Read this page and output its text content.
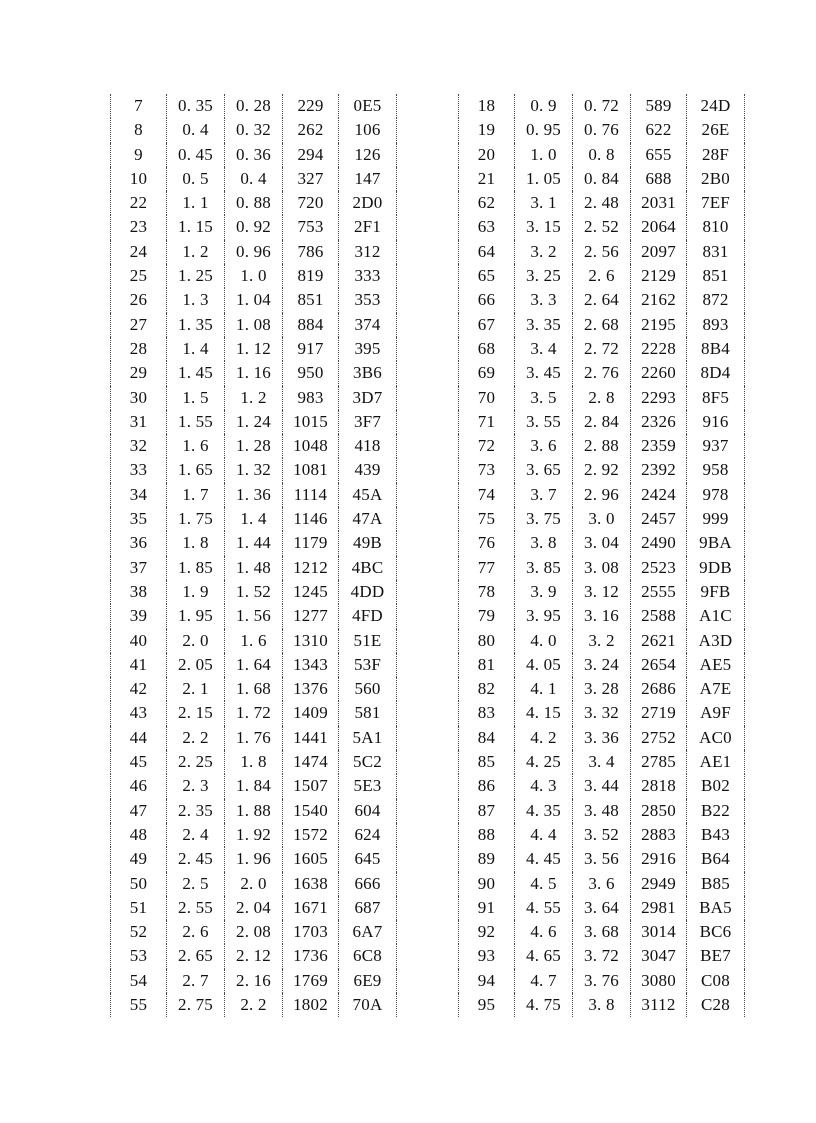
7	0. 35	0. 28	229	0E5
8	0. 4	0. 32	262	106
9	0. 45	0. 36	294	126
10	0. 5	0. 4	327	147
22	1. 1	0. 88	720	2D0
23	1. 15	0. 92	753	2F1
24	1. 2	0. 96	786	312
25	1. 25	1. 0	819	333
26	1. 3	1. 04	851	353
27	1. 35	1. 08	884	374
28	1. 4	1. 12	917	395
29	1. 45	1. 16	950	3B6
30	1. 5	1. 2	983	3D7
31	1. 55	1. 24	1015	3F7
32	1. 6	1. 28	1048	418
33	1. 65	1. 32	1081	439
34	1. 7	1. 36	1114	45A
35	1. 75	1. 4	1146	47A
36	1. 8	1. 44	1179	49B
37	1. 85	1. 48	1212	4BC
38	1. 9	1. 52	1245	4DD
39	1. 95	1. 56	1277	4FD
40	2. 0	1. 6	1310	51E
41	2. 05	1. 64	1343	53F
42	2. 1	1. 68	1376	560
43	2. 15	1. 72	1409	581
44	2. 2	1. 76	1441	5A1
45	2. 25	1. 8	1474	5C2
46	2. 3	1. 84	1507	5E3
47	2. 35	1. 88	1540	604
48	2. 4	1. 92	1572	624
49	2. 45	1. 96	1605	645
50	2. 5	2. 0	1638	666
51	2. 55	2. 04	1671	687
52	2. 6	2. 08	1703	6A7
53	2. 65	2. 12	1736	6C8
54	2. 7	2. 16	1769	6E9
55	2. 75	2. 2	1802	70A
18	0. 9	0. 72	589	24D
19	0. 95	0. 76	622	26E
20	1. 0	0. 8	655	28F
21	1. 05	0. 84	688	2B0
62	3. 1	2. 48	2031	7EF
63	3. 15	2. 52	2064	810
64	3. 2	2. 56	2097	831
65	3. 25	2. 6	2129	851
66	3. 3	2. 64	2162	872
67	3. 35	2. 68	2195	893
68	3. 4	2. 72	2228	8B4
69	3. 45	2. 76	2260	8D4
70	3. 5	2. 8	2293	8F5
71	3. 55	2. 84	2326	916
72	3. 6	2. 88	2359	937
73	3. 65	2. 92	2392	958
74	3. 7	2. 96	2424	978
75	3. 75	3. 0	2457	999
76	3. 8	3. 04	2490	9BA
77	3. 85	3. 08	2523	9DB
78	3. 9	3. 12	2555	9FB
79	3. 95	3. 16	2588	A1C
80	4. 0	3. 2	2621	A3D
81	4. 05	3. 24	2654	AE5
82	4. 1	3. 28	2686	A7E
83	4. 15	3. 32	2719	A9F
84	4. 2	3. 36	2752	AC0
85	4. 25	3. 4	2785	AE1
86	4. 3	3. 44	2818	B02
87	4. 35	3. 48	2850	B22
88	4. 4	3. 52	2883	B43
89	4. 45	3. 56	2916	B64
90	4. 5	3. 6	2949	B85
91	4. 55	3. 64	2981	BA5
92	4. 6	3. 68	3014	BC6
93	4. 65	3. 72	3047	BE7
94	4. 7	3. 76	3080	C08
95	4. 75	3. 8	3112	C28
